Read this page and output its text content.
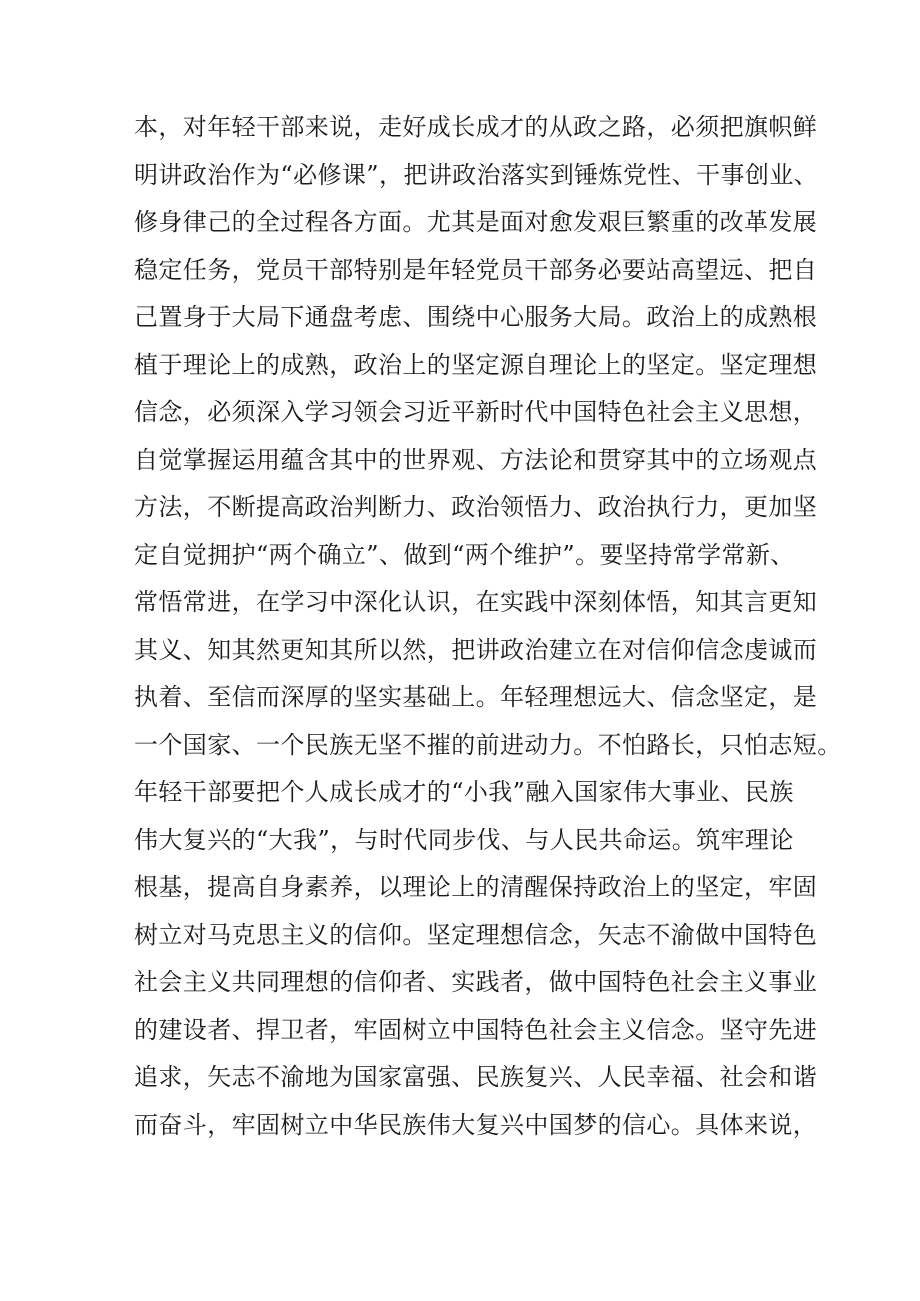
本，对年轻干部来说，走好成长成才的从政之路，必须把旗帜鲜
明讲政治作为“必修课”，把讲政治落实到锤炼党性、干事创业、
修身律己的全过程各方面。尤其是面对愈发艰巨繁重的改革发展
稳定任务，党员干部特别是年轻党员干部务必要站高望远、把自
己置身于大局下通盘考虑、围绕中心服务大局。政治上的成熟根
植于理论上的成熟，政治上的坚定源自理论上的坚定。坚定理想
信念，必须深入学习领会习近平新时代中国特色社会主义思想，
自觉掌握运用蕴含其中的世界观、方法论和贯穿其中的立场观点
方法，不断提高政治判断力、政治领悟力、政治执行力，更加坚
定自觉拥护“两个确立”、做到“两个维护”。要坚持常学常新、
常悟常进，在学习中深化认识，在实践中深刻体悟，知其言更知
其义、知其然更知其所以然，把讲政治建立在对信仰信念虔诚而
执着、至信而深厚的坚实基础上。年轻理想远大、信念坚定，是
一个国家、一个民族无坚不摧的前进动力。不怕路长，只怕志短。
年轻干部要把个人成长成才的“小我”融入国家伟大事业、民族
伟大复兴的“大我”，与时代同步伐、与人民共命运。筑牢理论
根基，提高自身素养，以理论上的清醒保持政治上的坚定，牢固
树立对马克思主义的信仰。坚定理想信念，矢志不渝做中国特色
社会主义共同理想的信仰者、实践者，做中国特色社会主义事业
的建设者、捍卫者，牢固树立中国特色社会主义信念。坚守先进
追求，矢志不渝地为国家富强、民族复兴、人民幸福、社会和谐
而奋斗，牢固树立中华民族伟大复兴中国梦的信心。具体来说，
